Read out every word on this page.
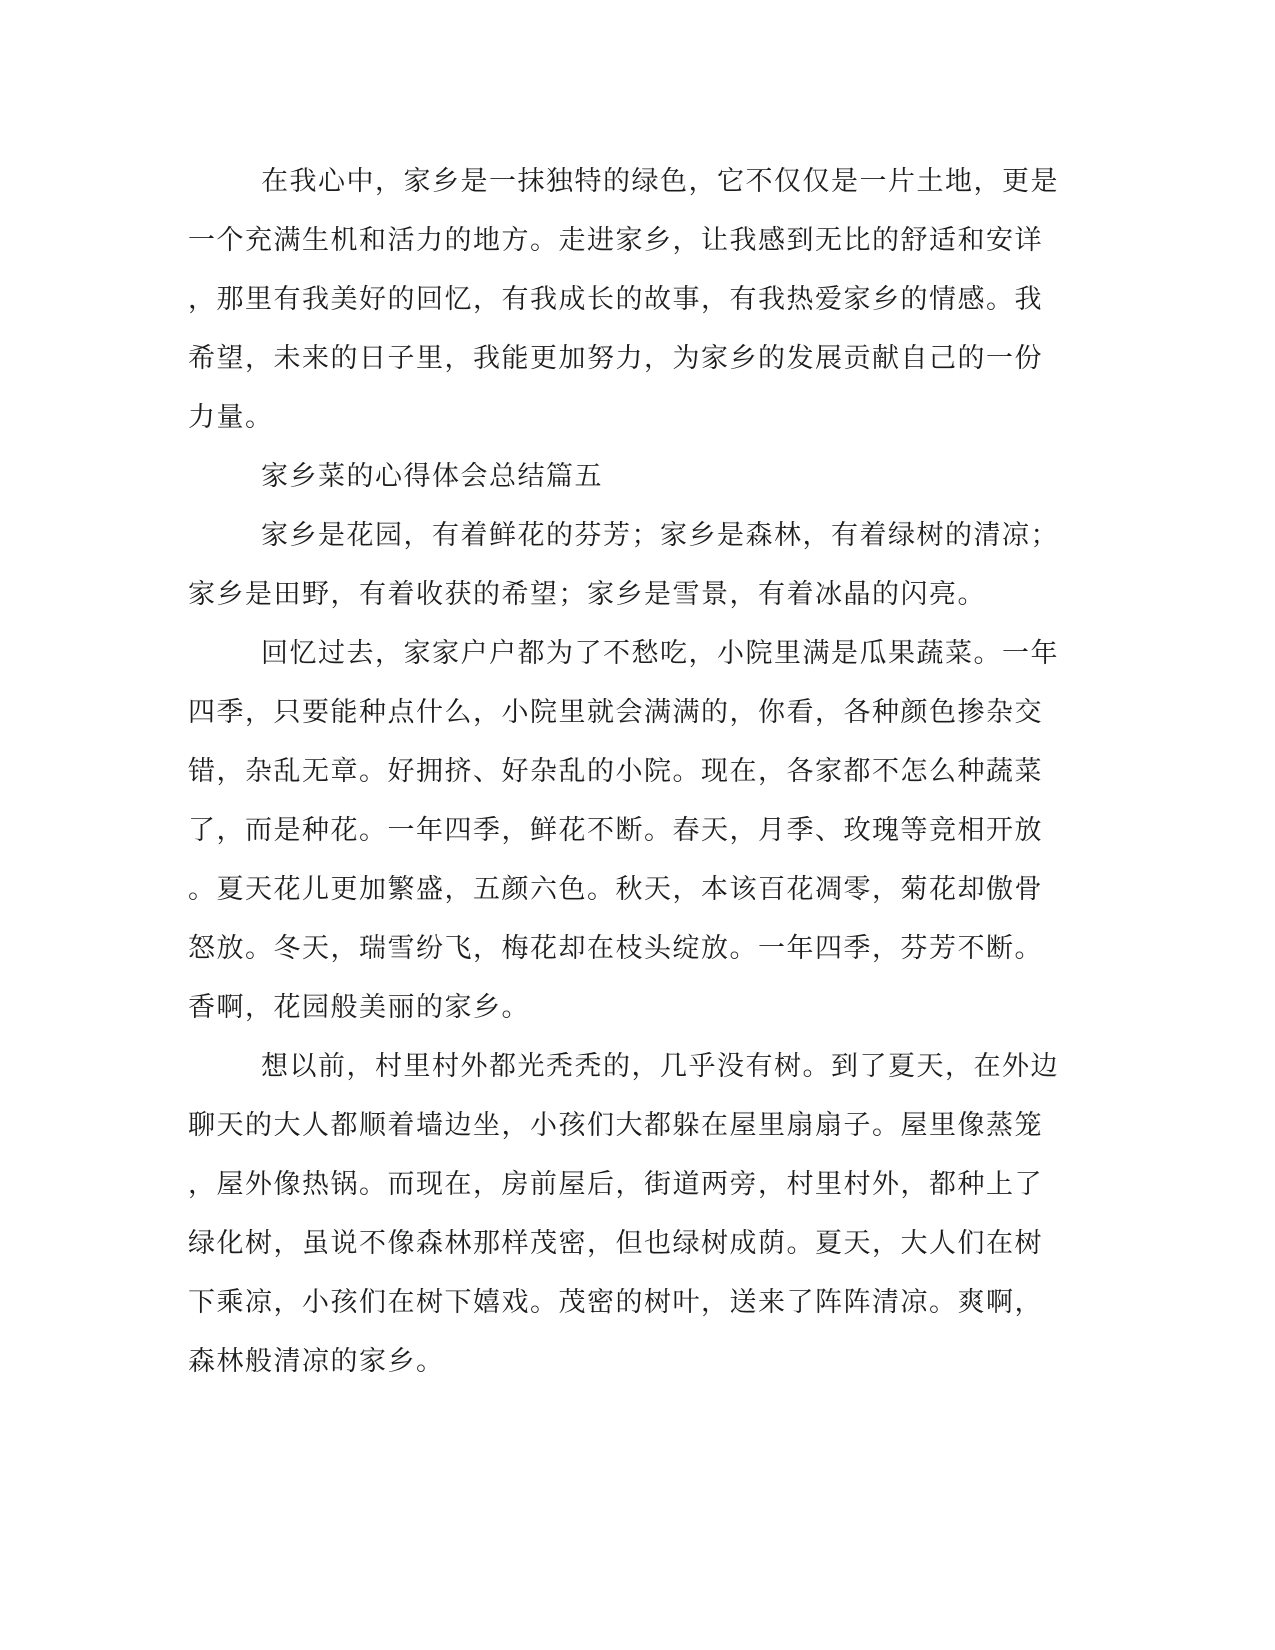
在我心中，家乡是一抹独特的绿色，它不仅仅是一片土地，更是

一个充满生机和活力的地方。走进家乡，让我感到无比的舒适和安详

，那里有我美好的回忆，有我成长的故事，有我热爱家乡的情感。我

希望，未来的日子里，我能更加努力，为家乡的发展贡献自己的一份

力量。

家乡菜的心得体会总结篇五

家乡是花园，有着鲜花的芬芳；家乡是森林，有着绿树的清凉；

家乡是田野，有着收获的希望；家乡是雪景，有着冰晶的闪亮。

回忆过去，家家户户都为了不愁吃，小院里满是瓜果蔬菜。一年

四季，只要能种点什么，小院里就会满满的，你看，各种颜色掺杂交

错，杂乱无章。好拥挤、好杂乱的小院。现在，各家都不怎么种蔬菜

了，而是种花。一年四季，鲜花不断。春天，月季、玫瑰等竞相开放

。夏天花儿更加繁盛，五颜六色。秋天，本该百花凋零，菊花却傲骨

怒放。冬天，瑞雪纷飞，梅花却在枝头绽放。一年四季，芬芳不断。

香啊，花园般美丽的家乡。

想以前，村里村外都光秃秃的，几乎没有树。到了夏天，在外边

聊天的大人都顺着墙边坐，小孩们大都躲在屋里扇扇子。屋里像蒸笼

，屋外像热锅。而现在，房前屋后，街道两旁，村里村外，都种上了

绿化树，虽说不像森林那样茂密，但也绿树成荫。夏天，大人们在树

下乘凉，小孩们在树下嬉戏。茂密的树叶，送来了阵阵清凉。爽啊，

森林般清凉的家乡。
